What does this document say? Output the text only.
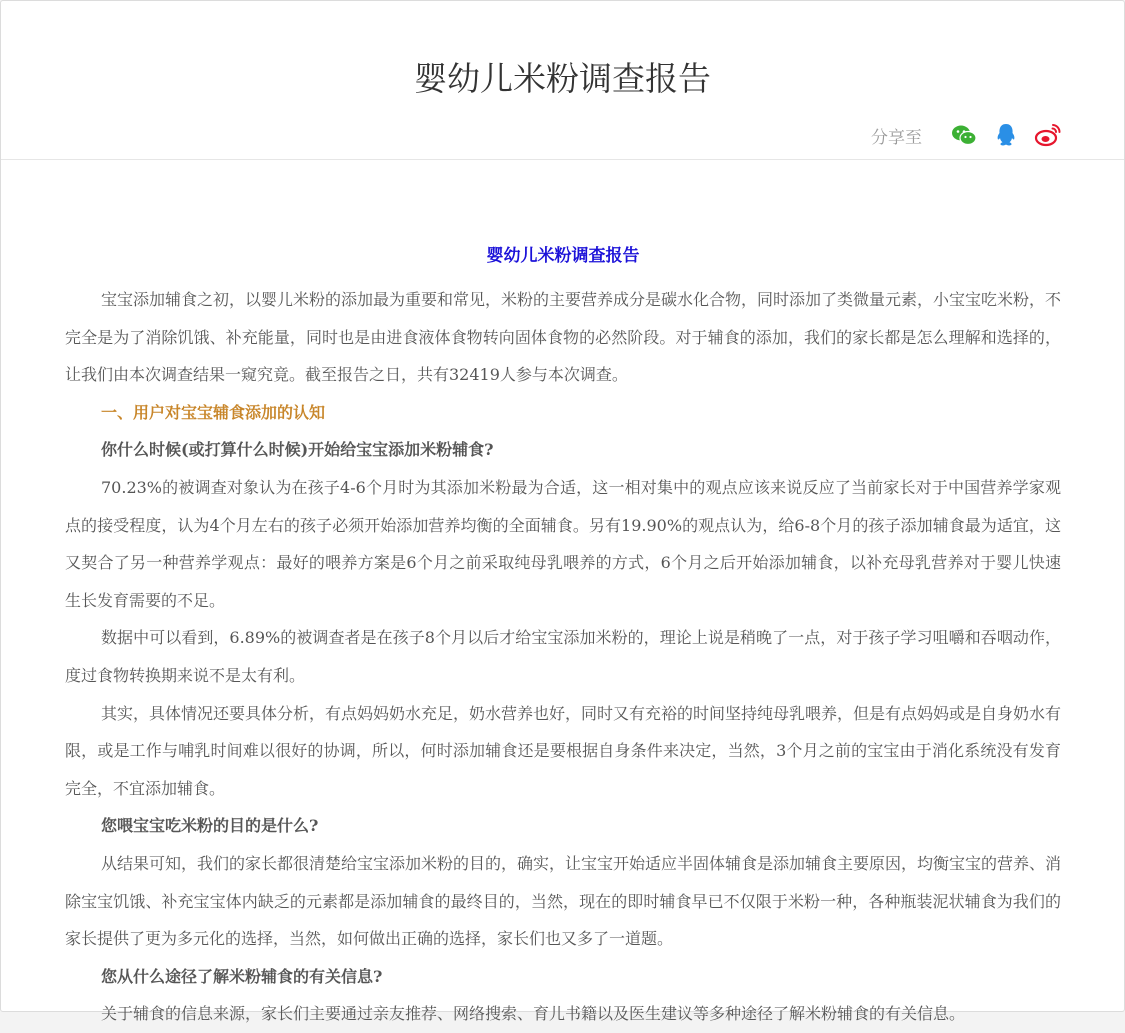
婴幼儿米粉调查报告
分享至
婴幼儿米粉调查报告

宝宝添加辅食之初，以婴儿米粉的添加最为重要和常见，米粉的主要营养成分是碳水化合物，同时添加了类微量元素，小宝宝吃米粉，不完全是为了消除饥饿、补充能量，同时也是由进食液体食物转向固体食物的必然阶段。对于辅食的添加，我们的家长都是怎么理解和选择的，让我们由本次调查结果一窥究竟。截至报告之日，共有32419人参与本次调查。

一、用户对宝宝辅食添加的认知

你什么时候(或打算什么时候)开始给宝宝添加米粉辅食?

70.23%的被调查对象认为在孩子4-6个月时为其添加米粉最为合适，这一相对集中的观点应该来说反应了当前家长对于中国营养学家观点的接受程度，认为4个月左右的孩子必须开始添加营养均衡的全面辅食。另有19.90%的观点认为，给6-8个月的孩子添加辅食最为适宜，这又契合了另一种营养学观点：最好的喂养方案是6个月之前采取纯母乳喂养的方式，6个月之后开始添加辅食，以补充母乳营养对于婴儿快速生长发育需要的不足。

数据中可以看到，6.89%的被调查者是在孩子8个月以后才给宝宝添加米粉的，理论上说是稍晚了一点，对于孩子学习咀嚼和吞咽动作，度过食物转换期来说不是太有利。

其实，具体情况还要具体分析，有点妈妈奶水充足，奶水营养也好，同时又有充裕的时间坚持纯母乳喂养，但是有点妈妈或是自身奶水有限，或是工作与哺乳时间难以很好的协调，所以，何时添加辅食还是要根据自身条件来决定，当然，3个月之前的宝宝由于消化系统没有发育完全，不宜添加辅食。

您喂宝宝吃米粉的目的是什么?

从结果可知，我们的家长都很清楚给宝宝添加米粉的目的，确实，让宝宝开始适应半固体辅食是添加辅食主要原因，均衡宝宝的营养、消除宝宝饥饿、补充宝宝体内缺乏的元素都是添加辅食的最终目的，当然，现在的即时辅食早已不仅限于米粉一种，各种瓶装泥状辅食为我们的家长提供了更为多元化的选择，当然，如何做出正确的选择，家长们也又多了一道题。

您从什么途径了解米粉辅食的有关信息?

关于辅食的信息来源，家长们主要通过亲友推荐、网络搜索、育儿书籍以及医生建议等多种途径了解米粉辅食的有关信息。
